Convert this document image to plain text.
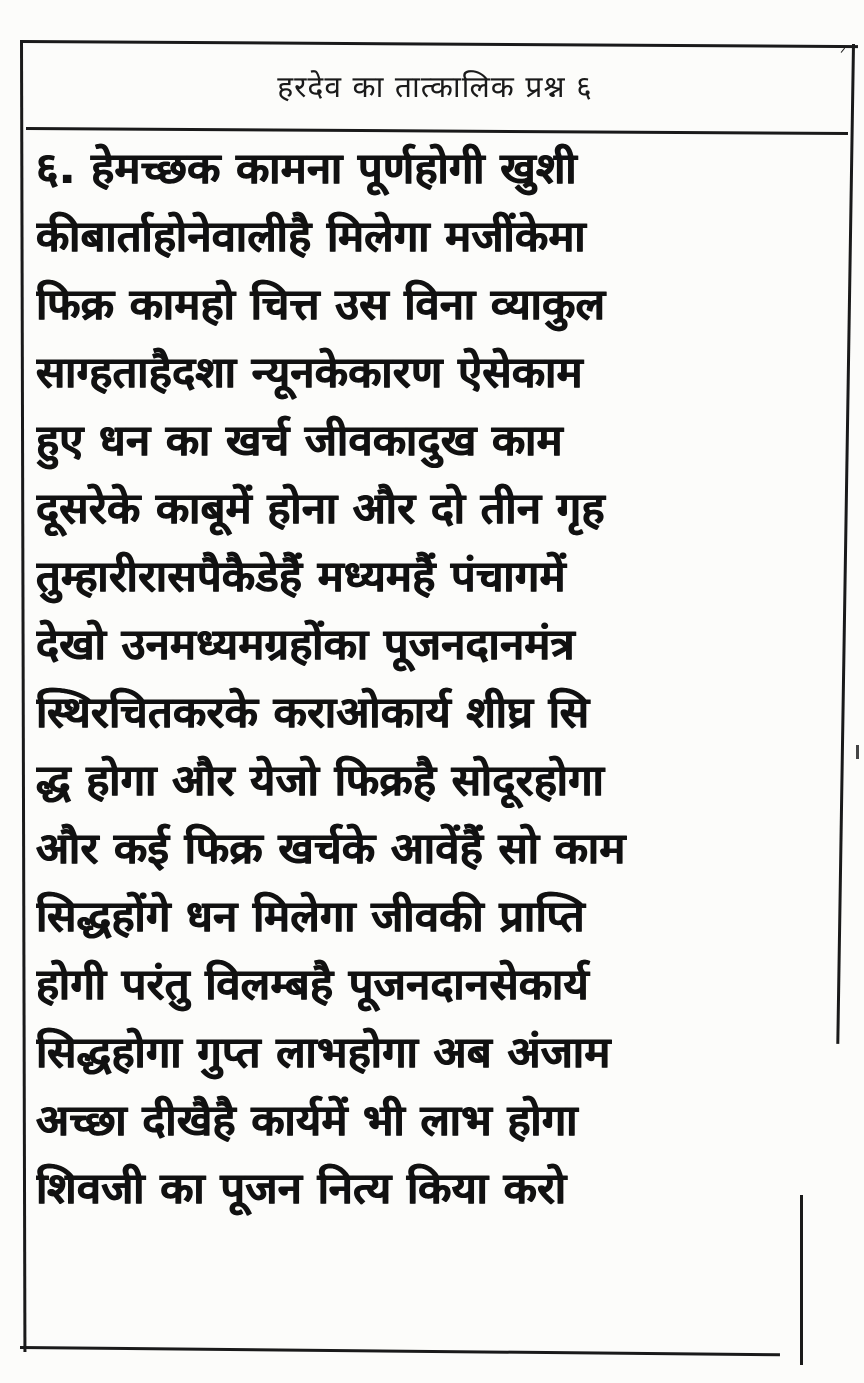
ᐟ
हरदेव का तात्कालिक प्रश्न ६
६. हेमच्छक कामना पूर्णहोगी खुशी
कीबार्ताहोनेवालीहै मिलेगा मजींकेमा
फिक्र कामहो चित्त उस विना व्याकुल
साग्हताहैदशा न्यूनकेकारण ऐसेकाम
हुए धन का खर्च जीवकादुख काम
दूसरेके काबूमें होना और दो तीन गृह
तुम्हारीरासपैकैडेहैं मध्यमहैं पंचागमें
देखो उनमध्यमग्रहोंका पूजनदानमंत्र
स्थिरचितकरके कराओकार्य शीघ्र सि
द्ध होगा और येजो फिक्रहै सोदूरहोगा
और कई फिक्र खर्चके आवेंहैं सो काम
सिद्धहोंगे धन मिलेगा जीवकी प्राप्ति
होगी परंतु विलम्बहै पूजनदानसेकार्य
सिद्धहोगा गुप्त लाभहोगा अब अंजाम
अच्छा दीखैहै कार्यमें भी लाभ होगा
शिवजी का पूजन नित्य किया करो
